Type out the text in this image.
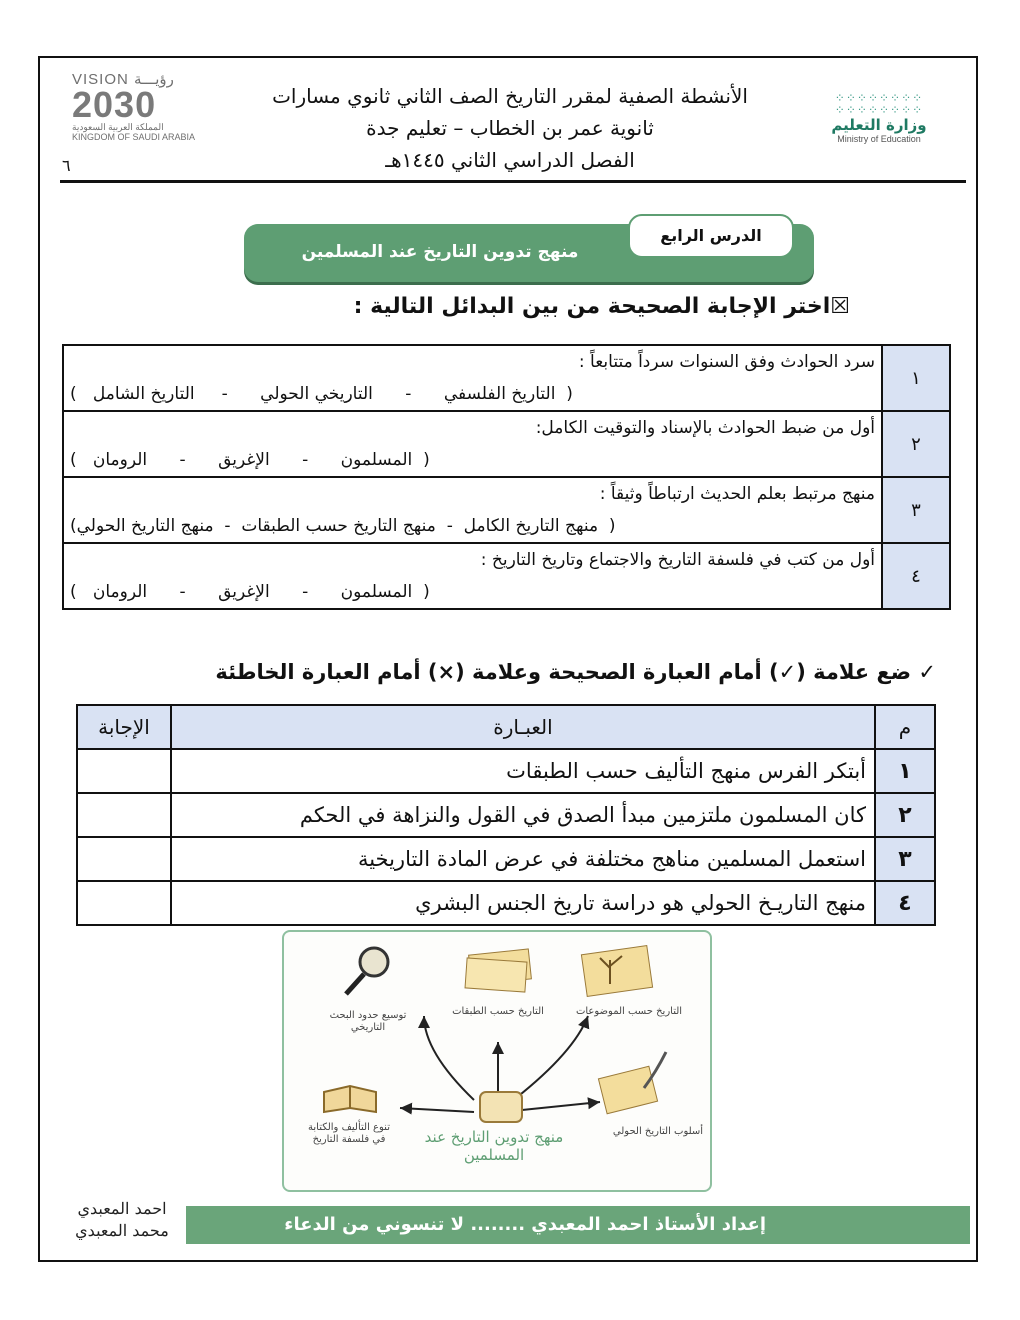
VISION رؤيـــة
2030
المملكة العربية السعودية
KINGDOM OF SAUDI ARABIA
الأنشطة الصفية لمقرر التاريخ الصف الثاني ثانوي مسارات
ثانوية عمر بن الخطاب – تعليم جدة
الفصل الدراسي الثاني ١٤٤٥هـ
⁘⁘⁘⁘⁘⁘⁘⁘
⁘⁘⁘⁘⁘⁘⁘⁘
وزارة التعليم
Ministry of Education
٦
منهج تدوين التاريخ عند المسلمين
الدرس الرابع
☒اختر الإجابة الصحيحة من بين البدائل التالية :
١	سرد الحوادث وفق السنوات سرداً متتابعاً :
(  التاريخ الفلسفي      -      التاريخي الحولي      -     التاريخ الشامل   )

٢	أول من ضبط الحوادث بالإسناد والتوقيت الكامل:
(  المسلمون      -      الإغريق      -      الرومان   )

٣	منهج مرتبط بعلم الحديث ارتباطاً وثيقاً :
(  منهج التاريخ الكامل  -  منهج التاريخ حسب الطبقات  -  منهج التاريخ الحولي)

٤	أول من كتب في فلسفة التاريخ والاجتماع وتاريخ التاريخ :
(  المسلمون      -      الإغريق      -      الرومان   )
✓ ضع علامة (✓) أمام العبارة الصحيحة وعلامة (×) أمام العبارة الخاطئة
م	العبـارة	الإجابة
١	أبتكر الفرس منهج التأليف حسب الطبقات	
٢	كان المسلمون ملتزمين مبدأ الصدق في القول والنزاهة في الحكم	
٣	استعمل المسلمين مناهج مختلفة في عرض المادة التاريخية	
٤	منهج التاريـخ الحولي هو دراسة تاريخ الجنس البشري	
توسيع حدود البحث التاريخي
التاريخ حسب الطبقات	التاريخ حسب الموضوعات
تنوع التأليف والكتابة في فلسفة التاريخ
أسلوب التاريخ الحولي
منهج تدوين التاريخ عند المسلمين
إعداد الأستاذ احمد المعبدي ........ لا تنسوني من الدعاء
احمد المعبدي
محمد المعبدي
